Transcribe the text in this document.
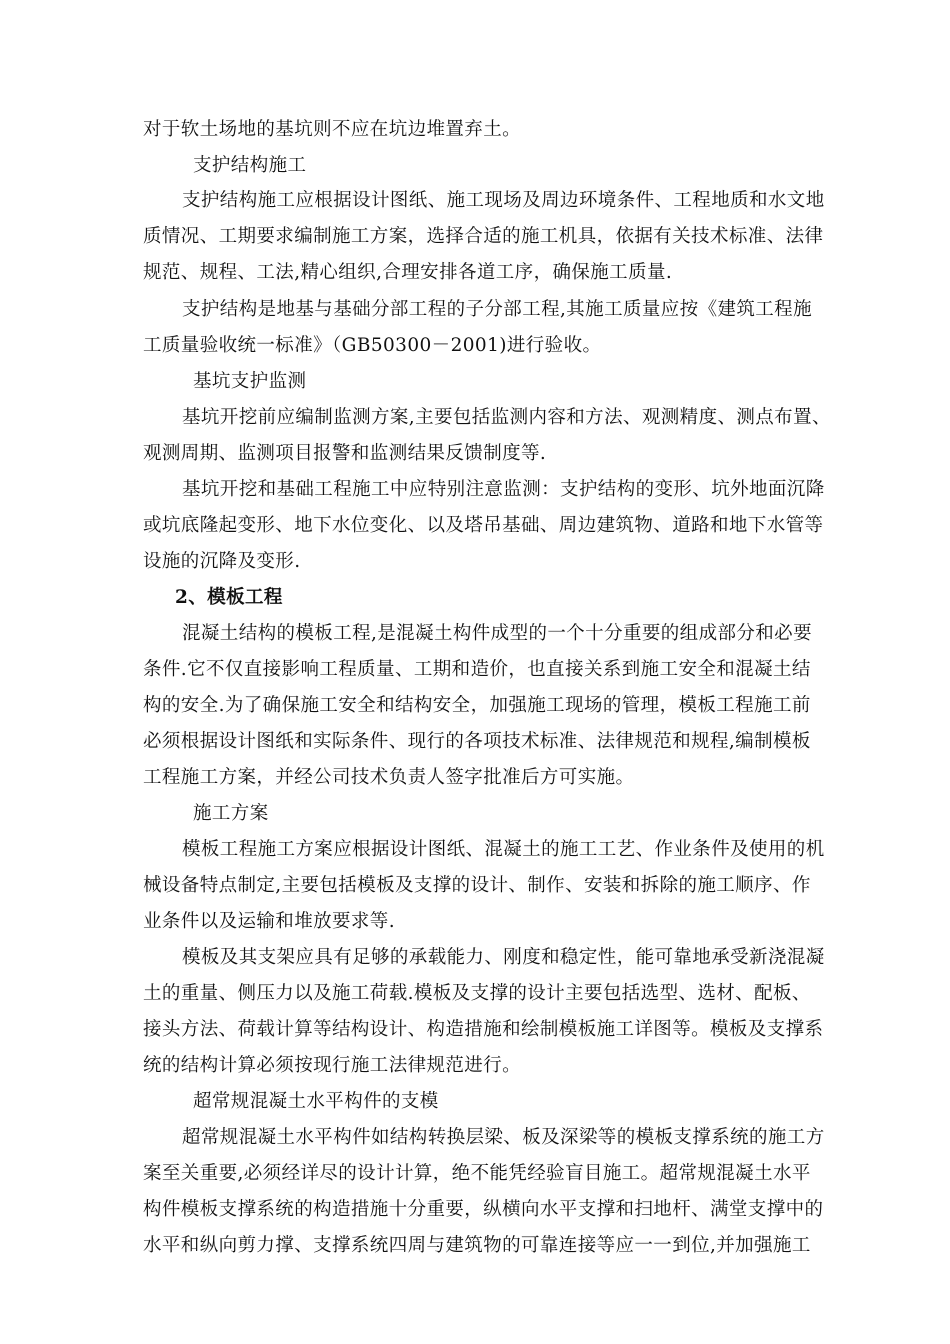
对于软土场地的基坑则不应在坑边堆置弃土。
支护结构施工
支护结构施工应根据设计图纸、施工现场及周边环境条件、工程地质和水文地
质情况、工期要求编制施工方案，选择合适的施工机具，依据有关技术标准、法律
规范、规程、工法,精心组织,合理安排各道工序，确保施工质量.
支护结构是地基与基础分部工程的子分部工程,其施工质量应按《建筑工程施
工质量验收统一标准》（GB50300－2001)进行验收。
基坑支护监测
基坑开挖前应编制监测方案,主要包括监测内容和方法、观测精度、测点布置、
观测周期、监测项目报警和监测结果反馈制度等.
基坑开挖和基础工程施工中应特别注意监测：支护结构的变形、坑外地面沉降
或坑底隆起变形、地下水位变化、以及塔吊基础、周边建筑物、道路和地下水管等
设施的沉降及变形.
2、模板工程
混凝土结构的模板工程,是混凝土构件成型的一个十分重要的组成部分和必要
条件.它不仅直接影响工程质量、工期和造价，也直接关系到施工安全和混凝土结
构的安全.为了确保施工安全和结构安全，加强施工现场的管理，模板工程施工前
必须根据设计图纸和实际条件、现行的各项技术标准、法律规范和规程,编制模板
工程施工方案，并经公司技术负责人签字批准后方可实施。
施工方案
模板工程施工方案应根据设计图纸、混凝土的施工工艺、作业条件及使用的机
械设备特点制定,主要包括模板及支撑的设计、制作、安装和拆除的施工顺序、作
业条件以及运输和堆放要求等.
模板及其支架应具有足够的承载能力、刚度和稳定性，能可靠地承受新浇混凝
土的重量、侧压力以及施工荷载.模板及支撑的设计主要包括选型、选材、配板、
接头方法、荷载计算等结构设计、构造措施和绘制模板施工详图等。模板及支撑系
统的结构计算必须按现行施工法律规范进行。
超常规混凝土水平构件的支模
超常规混凝土水平构件如结构转换层梁、板及深梁等的模板支撑系统的施工方
案至关重要,必须经详尽的设计计算，绝不能凭经验盲目施工。超常规混凝土水平
构件模板支撑系统的构造措施十分重要，纵横向水平支撑和扫地杆、满堂支撑中的
水平和纵向剪力撑、支撑系统四周与建筑物的可靠连接等应一一到位,并加强施工
